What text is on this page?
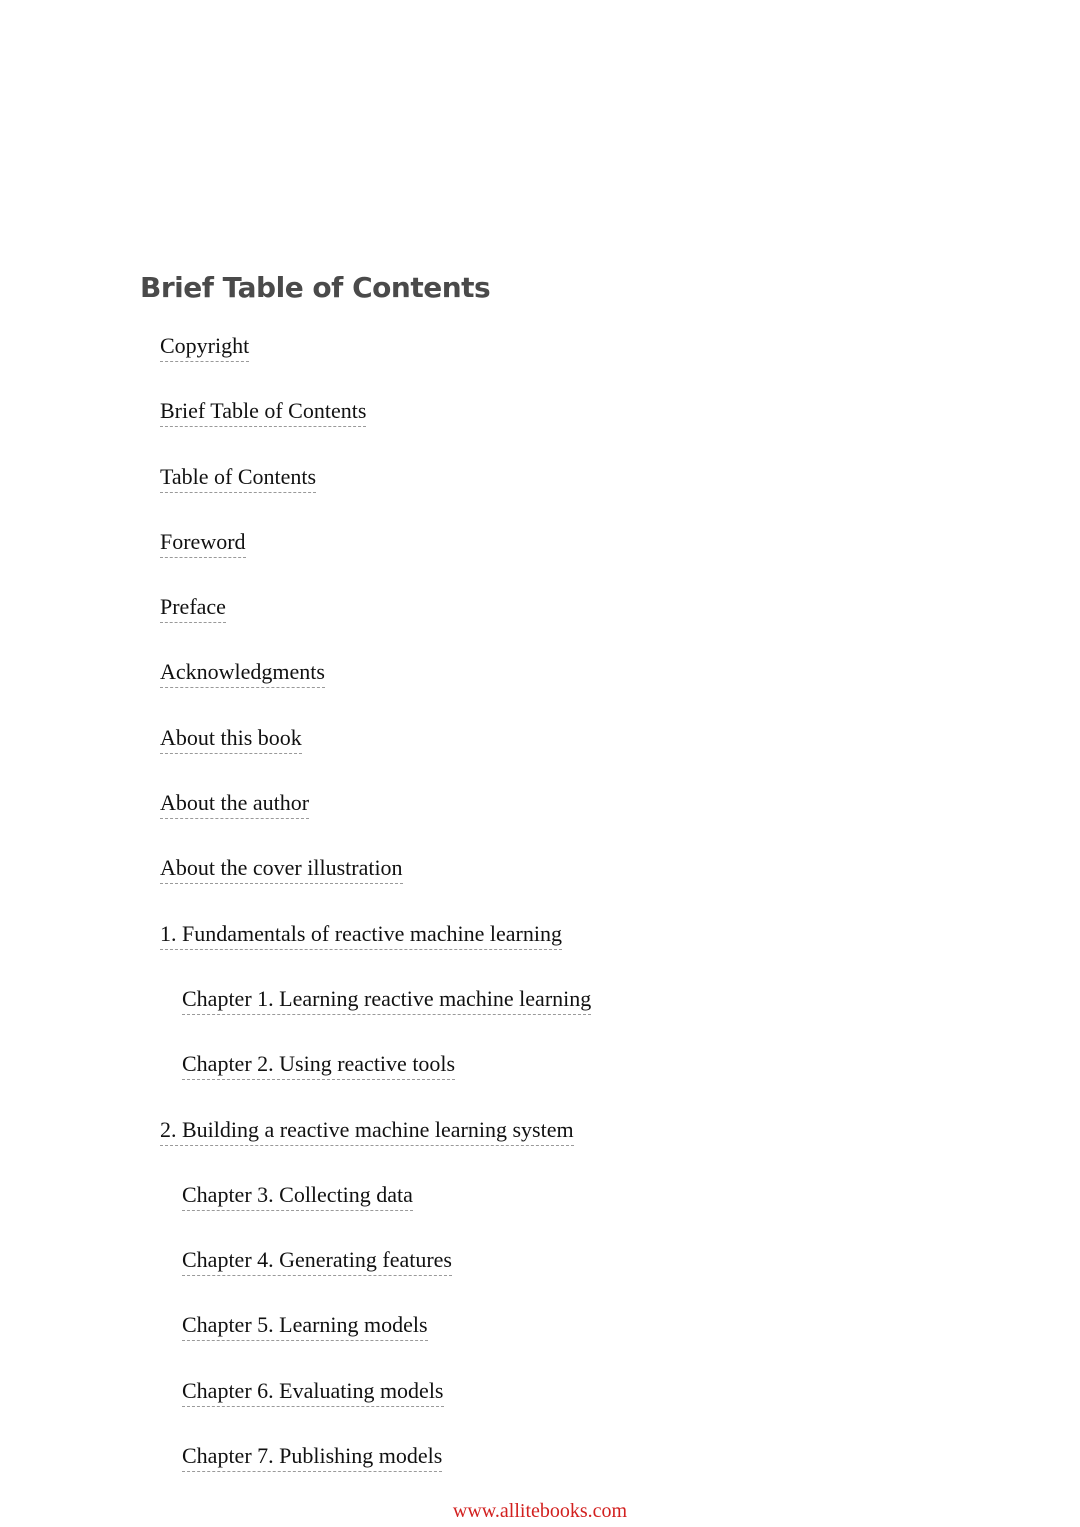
Brief Table of Contents
Copyright
Brief Table of Contents
Table of Contents
Foreword
Preface
Acknowledgments
About this book
About the author
About the cover illustration
1. Fundamentals of reactive machine learning
Chapter 1. Learning reactive machine learning
Chapter 2. Using reactive tools
2. Building a reactive machine learning system
Chapter 3. Collecting data
Chapter 4. Generating features
Chapter 5. Learning models
Chapter 6. Evaluating models
Chapter 7. Publishing models
www.allitebooks.com
